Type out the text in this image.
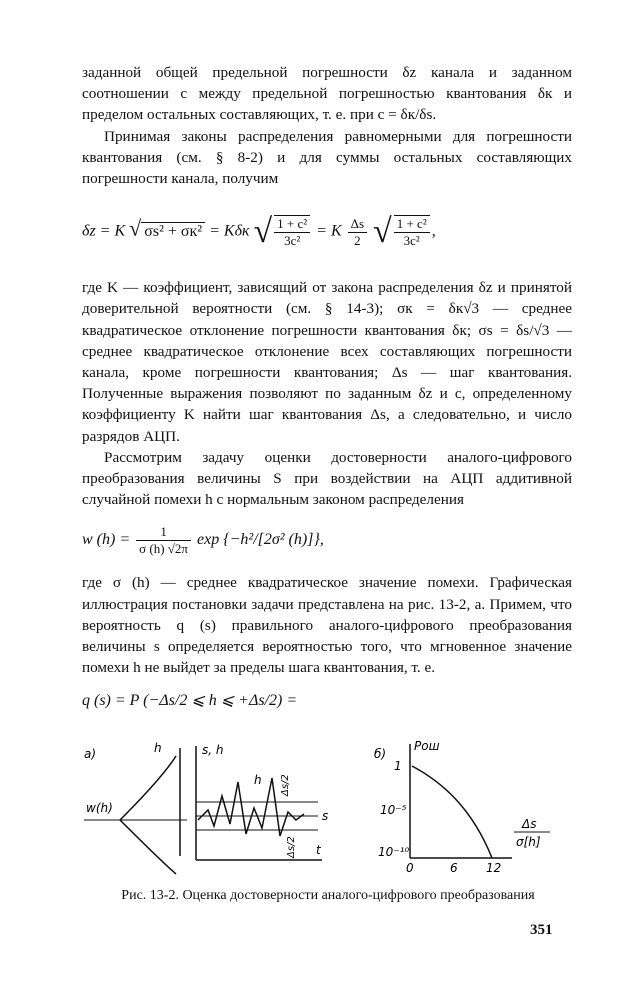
заданной общей предельной погрешности δz канала и заданном соотношении c между предельной погрешностью квантования δк и пределом остальных составляющих, т. е. при c = δк/δs.

Принимая законы распределения равномерными для погрешности квантования (см. § 8-2) и для суммы остальных составляющих погрешности канала, получим

δz = K √ σs² + σк² = Kδк √ $\frac{\text{1 + c²}}{\text{3c²}} = K \frac{\Delta s}{2}$ √ $\frac{\text{1 + c²}}{\text{3c²}}$ ,

где K — коэффициент, зависящий от закона распределения δz и принятой доверительной вероятности (см. § 14-3); σк = δк√3 — среднее квадратическое отклонение погрешности квантования δк; σs = δs/√3 — среднее квадратическое отклонение всех составляющих погрешности канала, кроме погрешности квантования; Δs — шаг квантования. Полученные выражения позволяют по заданным δz и c, определенному коэффициенту K найти шаг квантования Δs, а следовательно, и число разрядов АЦП.

Рассмотрим задачу оценки достоверности аналого-цифрового преобразования величины S при воздействии на АЦП аддитивной случайной помехи h с нормальным законом распределения

w $(h) = \frac{1}{\sigma (h) √2\pi}$ exp {−h²/[2σ² (h)]},

где σ (h) — среднее квадратическое значение помехи. Графическая иллюстрация постановки задачи представлена на рис. 13-2, a. Примем, что вероятность q (s) правильного аналого-цифрового преобразования величины s определяется вероятностью того, что мгновенное значение помехи h не выйдет за пределы шага квантования, т. е.

q (s) = P (−Δs/2 ⩽ h ⩽ +Δs/2) =
a)	h
w(h)
s, h
s
t
h Δs/2
Δs/2
б)
Pош
1
10⁻⁵
10⁻¹⁰
0	6 12
Δs
σ[h]
Рис. 13-2. Оценка достоверности аналого-цифрового преобразования
351
